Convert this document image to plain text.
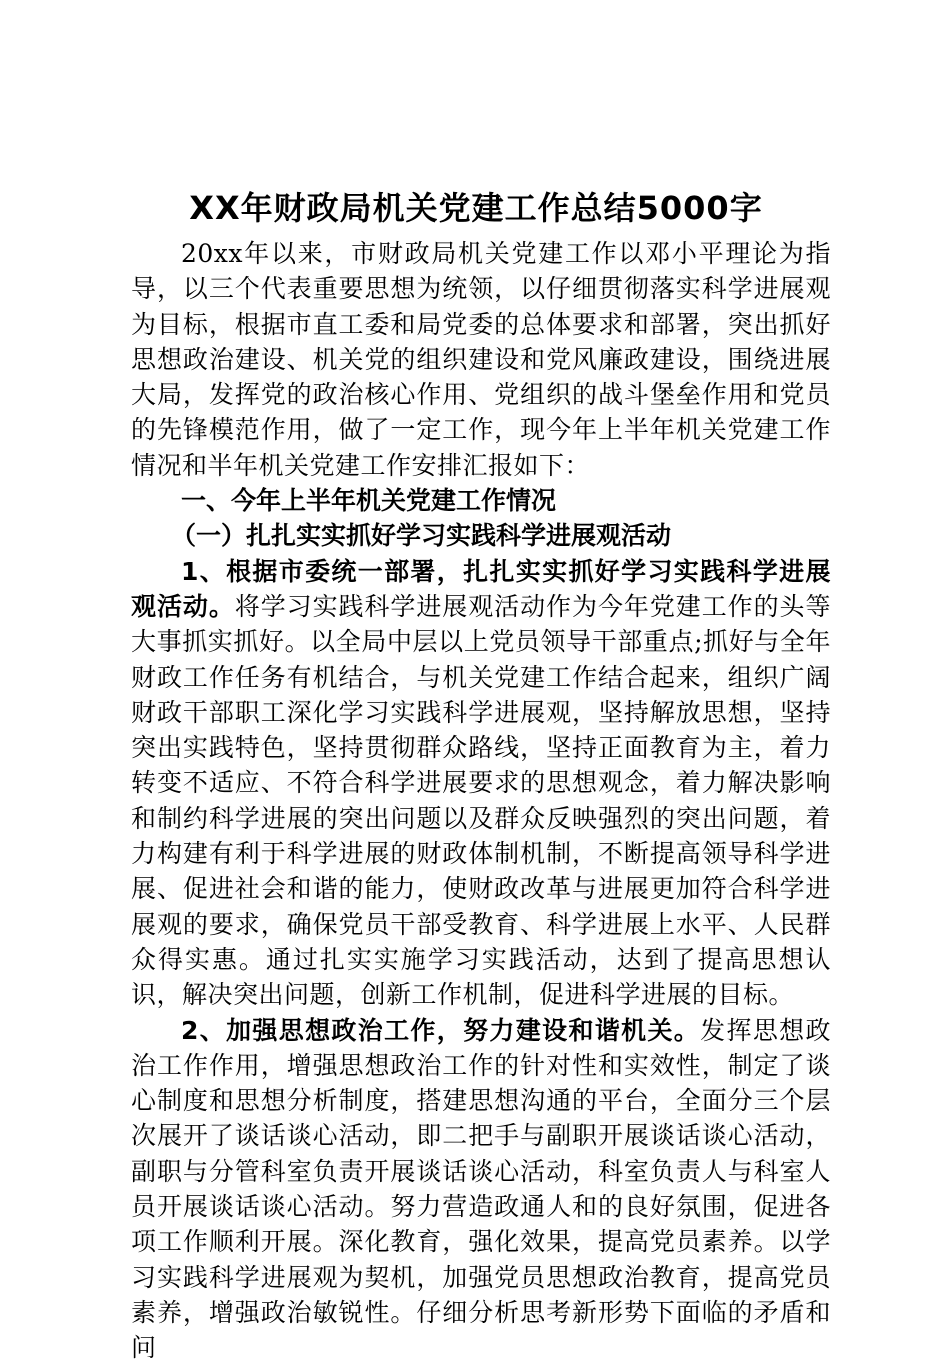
XX年财政局机关党建工作总结5000字

20xx年以来，市财政局机关党建工作以邓小平理论为指导，以三个代表重要思想为统领，以仔细贯彻落实科学进展观为目标，根据市直工委和局党委的总体要求和部署，突出抓好思想政治建设、机关党的组织建设和党风廉政建设，围绕进展大局，发挥党的政治核心作用、党组织的战斗堡垒作用和党员的先锋模范作用，做了一定工作，现今年上半年机关党建工作情况和半年机关党建工作安排汇报如下：

一、今年上半年机关党建工作情况

（一）扎扎实实抓好学习实践科学进展观活动

1、根据市委统一部署，扎扎实实抓好学习实践科学进展观活动。将学习实践科学进展观活动作为今年党建工作的头等大事抓实抓好。以全局中层以上党员领导干部重点;抓好与全年财政工作任务有机结合，与机关党建工作结合起来，组织广阔财政干部职工深化学习实践科学进展观，坚持解放思想，坚持突出实践特色，坚持贯彻群众路线，坚持正面教育为主，着力转变不适应、不符合科学进展要求的思想观念，着力解决影响和制约科学进展的突出问题以及群众反映强烈的突出问题，着力构建有利于科学进展的财政体制机制，不断提高领导科学进展、促进社会和谐的能力，使财政改革与进展更加符合科学进展观的要求，确保党员干部受教育、科学进展上水平、人民群众得实惠。通过扎实实施学习实践活动，达到了提高思想认识，解决突出问题，创新工作机制，促进科学进展的目标。

2、加强思想政治工作，努力建设和谐机关。发挥思想政治工作作用，增强思想政治工作的针对性和实效性，制定了谈心制度和思想分析制度，搭建思想沟通的平台，全面分三个层次展开了谈话谈心活动，即二把手与副职开展谈话谈心活动，副职与分管科室负责开展谈话谈心活动，科室负责人与科室人员开展谈话谈心活动。努力营造政通人和的良好氛围，促进各项工作顺利开展。深化教育，强化效果，提高党员素养。以学习实践科学进展观为契机，加强党员思想政治教育，提高党员素养，增强政治敏锐性。仔细分析思考新形势下面临的矛盾和问
